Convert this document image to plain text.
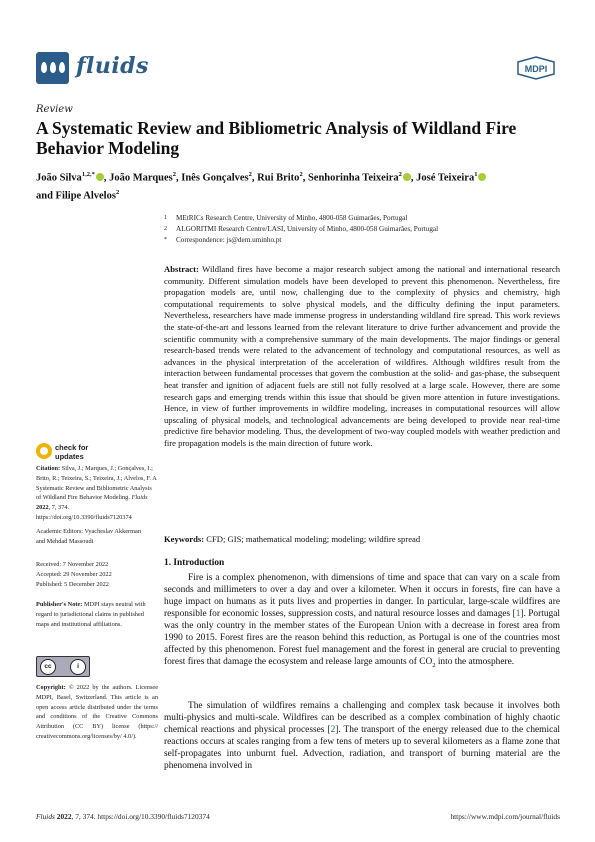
fluids	MDPI
Review
A Systematic Review and Bibliometric Analysis of Wildland Fire Behavior Modeling
João Silva$^{1,2,*}$ , João Marques$^2$, Inês Gonçalves$^2$, Rui Brito$^2$, Senhorinha Teixeira$^2$ , José Teixeira$^1$
and Filipe Alvelos$^2$
1 MEtRICs Research Centre, University of Minho, 4800-058 Guimarães, Portugal
2 ALGORITMI Research Centre/LASI, University of Minho, 4800-058 Guimarães, Portugal
* Correspondence: js@dem.uminho.pt
Abstract: Wildland fires have become a major research subject among the national and international research community. Different simulation models have been developed to prevent this phenomenon. Nevertheless, fire propagation models are, until now, challenging due to the complexity of physics and chemistry, high computational requirements to solve physical models, and the difficulty defining the input parameters. Nevertheless, researchers have made immense progress in understanding wildland fire spread. This work reviews the state-of-the-art and lessons learned from the relevant literature to drive further advancement and provide the scientific community with a comprehensive summary of the main developments. The major findings or general research-based trends were related to the advancement of technology and computational resources, as well as advances in the physical interpretation of the acceleration of wildfires. Although wildfires result from the interaction between fundamental processes that govern the combustion at the solid- and gas-phase, the subsequent heat transfer and ignition of adjacent fuels are still not fully resolved at a large scale. However, there are some research gaps and emerging trends within this issue that should be given more attention in future investigations. Hence, in view of further improvements in wildfire modeling, increases in computational resources will allow upscaling of physical models, and technological advancements are being developed to provide near real-time predictive fire behavior modeling. Thus, the development of two-way coupled models with weather prediction and fire propagation models is the main direction of future work.
Keywords: CFD; GIS; mathematical modeling; modeling; wildfire spread
check for
updates
Citation: Silva, J.; Marques, J.; Gonçalves, I.; Brito, R.; Teixeira, S.; Teixeira, J.; Alvelos, F. A Systematic Review and Bibliometric Analysis of Wildland Fire Behavior Modeling. Fluids 2022, 7, 374. https://doi.org/10.3390/fluids7120374
Academic Editors: Vyacheslav Akkerman and Mehdad Massoudi
Received: 7 November 2022
Accepted: 29 November 2022
Published: 5 December 2022
Publisher's Note: MDPI stays neutral with regard to jurisdictional claims in published maps and institutional affiliations.
cc	i
Copyright: © 2022 by the authors. Licensee MDPI, Basel, Switzerland. This article is an open access article distributed under the terms and conditions of the Creative Commons Attribution (CC BY) license (https:// creativecommons.org/licenses/by/ 4.0/).
1. Introduction
Fire is a complex phenomenon, with dimensions of time and space that can vary on a scale from seconds and millimeters to over a day and over a kilometer. When it occurs in forests, fire can have a huge impact on humans as it puts lives and properties in danger. In particular, large-scale wildfires are responsible for economic losses, suppression costs, and natural resource losses and damages [1]. Portugal was the only country in the member states of the European Union with a decrease in forest area from 1990 to 2015. Forest fires are the reason behind this reduction, as Portugal is one of the countries most affected by this phenomenon. Forest fuel management and the forest in general are crucial to preventing forest fires that damage the ecosystem and release large amounts of $CO_2$ into the atmosphere.
The simulation of wildfires remains a challenging and complex task because it involves both multi-physics and multi-scale. Wildfires can be described as a complex combination of highly chaotic chemical reactions and physical processes [2]. The transport of the energy released due to the chemical reactions occurs at scales ranging from a few tens of meters up to several kilometers as a flame zone that self-propagates into unburnt fuel. Advection, radiation, and transport of burning material are the phenomena involved in
Fluids 2022, 7, 374. https://doi.org/10.3390/fluids7120374	https://www.mdpi.com/journal/fluids
